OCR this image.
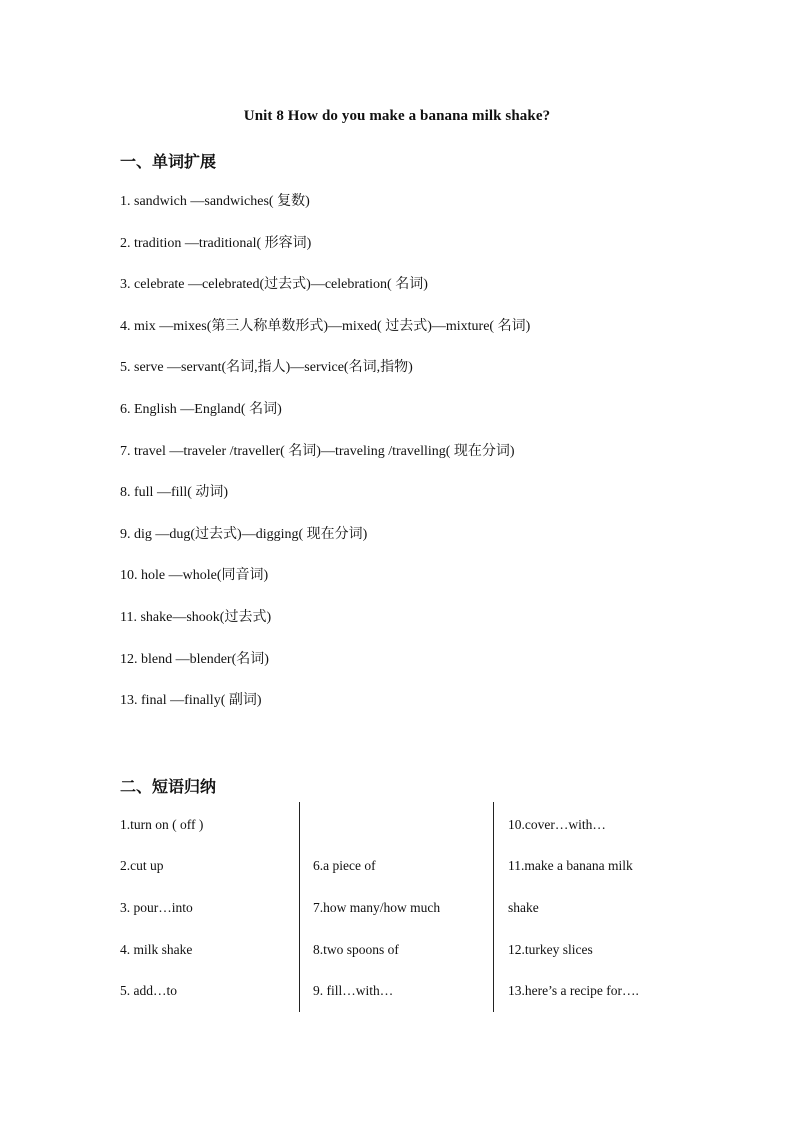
Unit 8 How do you make a banana milk shake?
一、单词扩展
1. sandwich —sandwiches( 复数)
2. tradition —traditional( 形容词)
3. celebrate —celebrated(过去式)—celebration( 名词)
4. mix —mixes(第三人称单数形式)—mixed( 过去式)—mixture( 名词)
5. serve —servant(名词,指人)—service(名词,指物)
6. English —England( 名词)
7. travel —traveler /traveller( 名词)—traveling /travelling( 现在分词)
8. full —fill( 动词)
9. dig —dug(过去式)—digging( 现在分词)
10. hole —whole(同音词)
11. shake—shook(过去式)
12. blend —blender(名词)
13. final —finally( 副词)
二、短语归纳
1.turn on ( off )
2.cut up
3. pour…into
4. milk shake
5. add…to
6.a piece of
7.how many/how much
8.two spoons of
9. fill…with…
10.cover…with…
11.make a banana milk
shake
12.turkey slices
13.here’s a recipe for….
